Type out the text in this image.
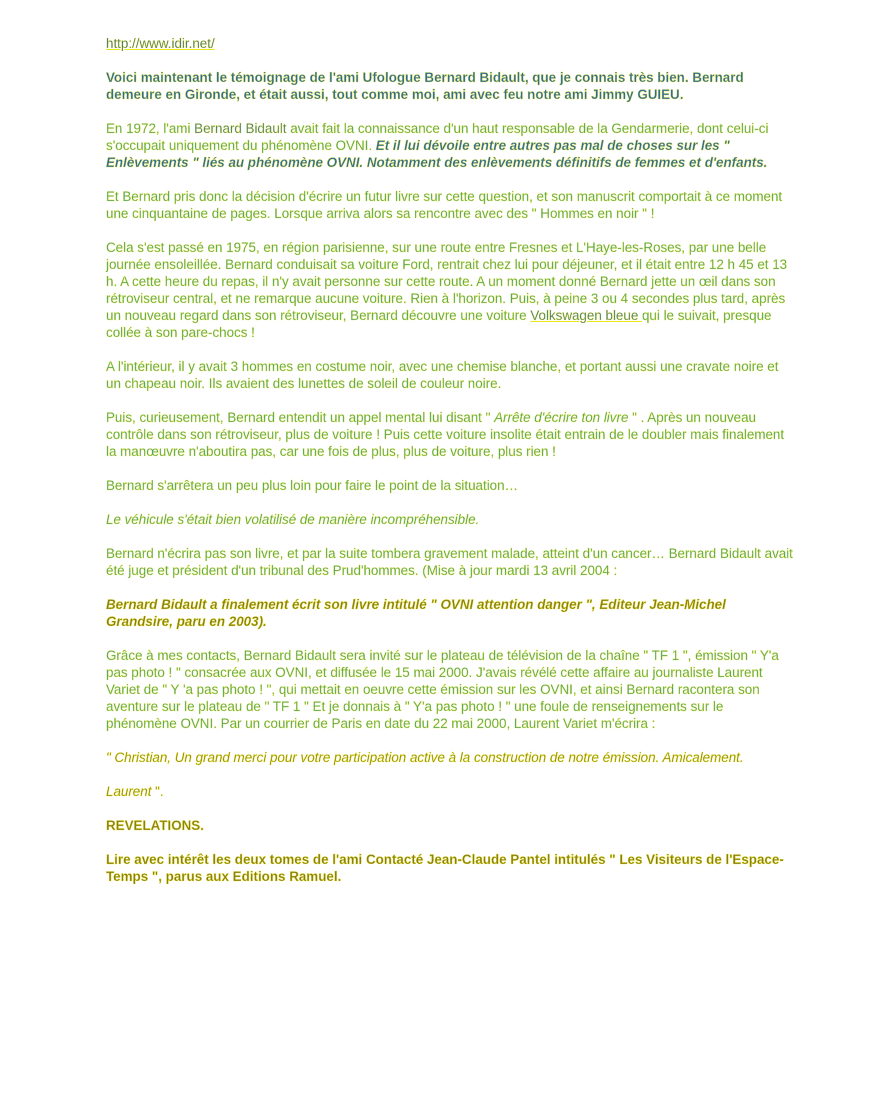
http://www.idir.net/

Voici maintenant le témoignage de l'ami Ufologue Bernard Bidault, que je connais très bien. Bernard demeure en Gironde, et était aussi, tout comme moi, ami avec feu notre ami Jimmy GUIEU.

En 1972, l'ami Bernard Bidault avait fait la connaissance d'un haut responsable de la Gendarmerie, dont celui-ci s'occupait uniquement du phénomène OVNI. Et il lui dévoile entre autres pas mal de choses sur les " Enlèvements " liés au phénomène OVNI. Notamment des enlèvements définitifs de femmes et d'enfants.

Et Bernard pris donc la décision d'écrire un futur livre sur cette question, et son manuscrit comportait à ce moment une cinquantaine de pages. Lorsque arriva alors sa rencontre avec des " Hommes en noir " !

Cela s'est passé en 1975, en région parisienne, sur une route entre Fresnes et L'Haye-les-Roses, par une belle journée ensoleillée. Bernard conduisait sa voiture Ford, rentrait chez lui pour déjeuner, et il était entre 12 h 45 et 13 h. A cette heure du repas, il n'y avait personne sur cette route. A un moment donné Bernard jette un œil dans son rétroviseur central, et ne remarque aucune voiture. Rien à l'horizon. Puis, à peine 3 ou 4 secondes plus tard, après un nouveau regard dans son rétroviseur, Bernard découvre une voiture Volkswagen bleue qui le suivait, presque collée à son pare-chocs !

A l'intérieur, il y avait 3 hommes en costume noir, avec une chemise blanche, et portant aussi une cravate noire et un chapeau noir. Ils avaient des lunettes de soleil de couleur noire.

Puis, curieusement, Bernard entendit un appel mental lui disant " Arrête d'écrire ton livre " . Après un nouveau contrôle dans son rétroviseur, plus de voiture ! Puis cette voiture insolite était entrain de le doubler mais finalement la manœuvre n'aboutira pas, car une fois de plus, plus de voiture, plus rien !

Bernard s'arrêtera un peu plus loin pour faire le point de la situation…

Le véhicule s'était bien volatilisé de manière incompréhensible.

Bernard n'écrira pas son livre, et par la suite tombera gravement malade, atteint d'un cancer… Bernard Bidault avait été juge et président d'un tribunal des Prud'hommes. (Mise à jour mardi 13 avril 2004 :

Bernard Bidault a finalement écrit son livre intitulé " OVNI attention danger ", Editeur Jean-Michel Grandsire, paru en 2003).

Grâce à mes contacts, Bernard Bidault sera invité sur le plateau de télévision de la chaîne " TF 1 ", émission " Y'a pas photo ! " consacrée aux OVNI, et diffusée le 15 mai 2000. J'avais révélé cette affaire au journaliste Laurent Variet de " Y 'a pas photo ! ", qui mettait en oeuvre cette émission sur les OVNI, et ainsi Bernard racontera son aventure sur le plateau de " TF 1 " Et je donnais à " Y'a pas photo ! " une foule de renseignements sur le phénomène OVNI. Par un courrier de Paris en date du 22 mai 2000, Laurent Variet m'écrira :

" Christian, Un grand merci pour votre participation active à la construction de notre émission. Amicalement.

Laurent ".

REVELATIONS.

Lire avec intérêt les deux tomes de l'ami Contacté Jean-Claude Pantel intitulés " Les Visiteurs de l'Espace-Temps ", parus aux Editions Ramuel.
